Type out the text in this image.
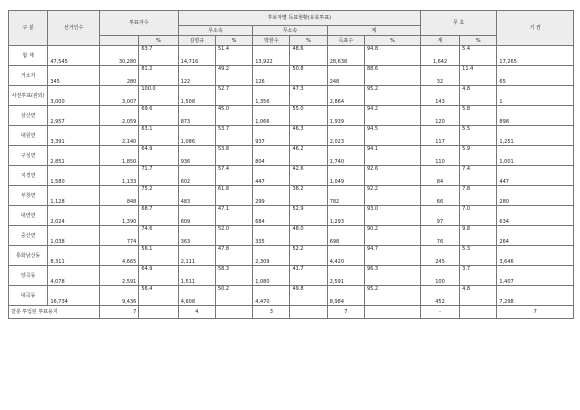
구 분	선거인수	투표자수		후보자별 득표현황(유효투표)						무 효		기 권
				무소속		무소속		계				
			%	김령규	%	박현수	%	득표수	%	계	%	
합 계	47,545	30,280	63.7	14,716	51.4	13,922	48.6	28,638	94.8	1,642	5.4	17,265
거소자	345	280	81.2	122	49.2	126	50.8	248	88.6	32	11.4	65
사전투표(관외)	3,000	3,007	100.0	1,508	52.7	1,356	47.3	2,864	95.2	143	4.8	1
삼산면	2,957	2,059	69.6	873	45.0	1,066	55.0	1,939	94.2	120	5.8	898
대원면	3,391	2,140	63.1	1,086	53.7	937	46.3	2,023	94.5	117	5.5	1,251
구성면	2,851	1,850	64.9	936	53.8	804	46.2	1,740	94.1	110	5.9	1,001
지경면	1,580	1,133	71.7	602	57.4	447	42.6	1,049	92.6	84	7.4	447
부창면	1,128	848	75.2	483	61.8	299	38.2	782	92.2	66	7.8	280
대연면	2,024	1,390	68.7	609	47.1	684	52.9	1,293	93.0	97	7.0	634
중산면	1,038	774	74.6	363	52.0	335	48.0	698	90.2	76	9.8	264
통화남산동	8,311	4,665	56.1	2,111	47.8	2,309	52.2	4,420	94.7	245	5.3	3,646
양곡동	4,078	2,591	64.9	1,511	58.3	1,080	41.7	2,591	96.3	100	3.7	1,407
대곡동	16,734	9,436	56.4	4,608	50.2	4,470	49.8	8,984	95.2	452	4.8	7,298
잘못 투입된 투표용지		7		4		3		7		-		7
